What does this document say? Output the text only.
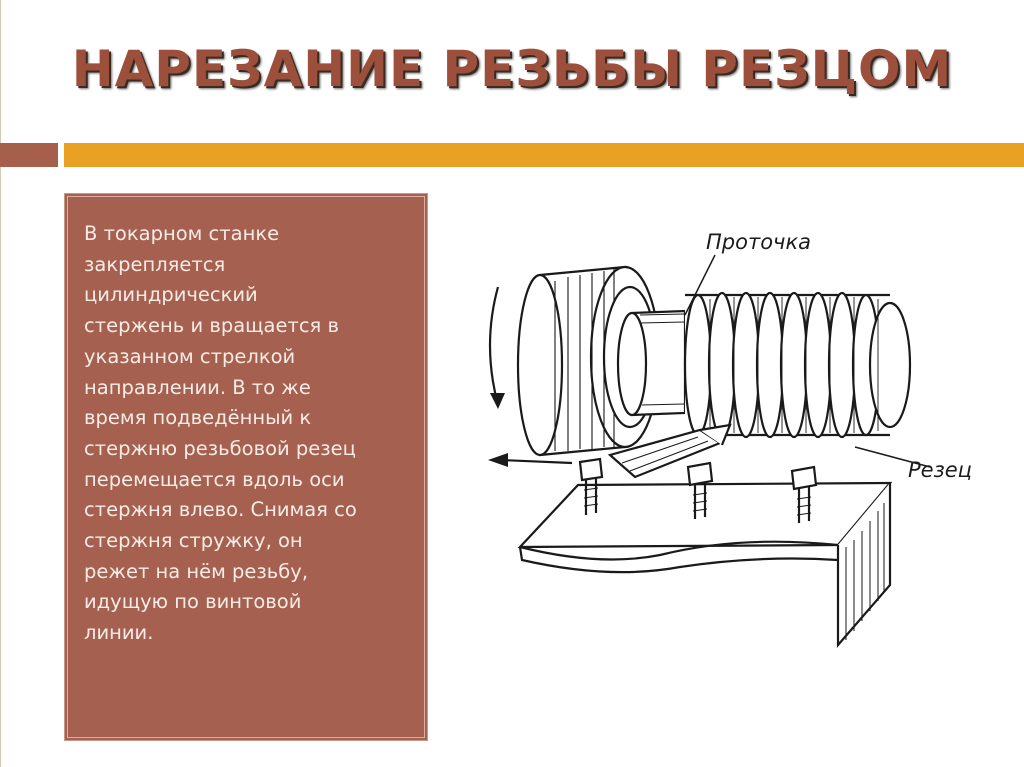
НАРЕЗАНИЕ РЕЗЬБЫ РЕЗЦОМ

В токарном станке
закрепляется
цилиндрический
стержень и вращается в
указанном стрелкой
направлении. В то же
время подведённый к
стержню резьбовой резец
перемещается вдоль оси
стержня влево. Снимая со
стержня стружку, он
режет на нём резьбу,
идущую по винтовой
линии.

Проточка
Резец
